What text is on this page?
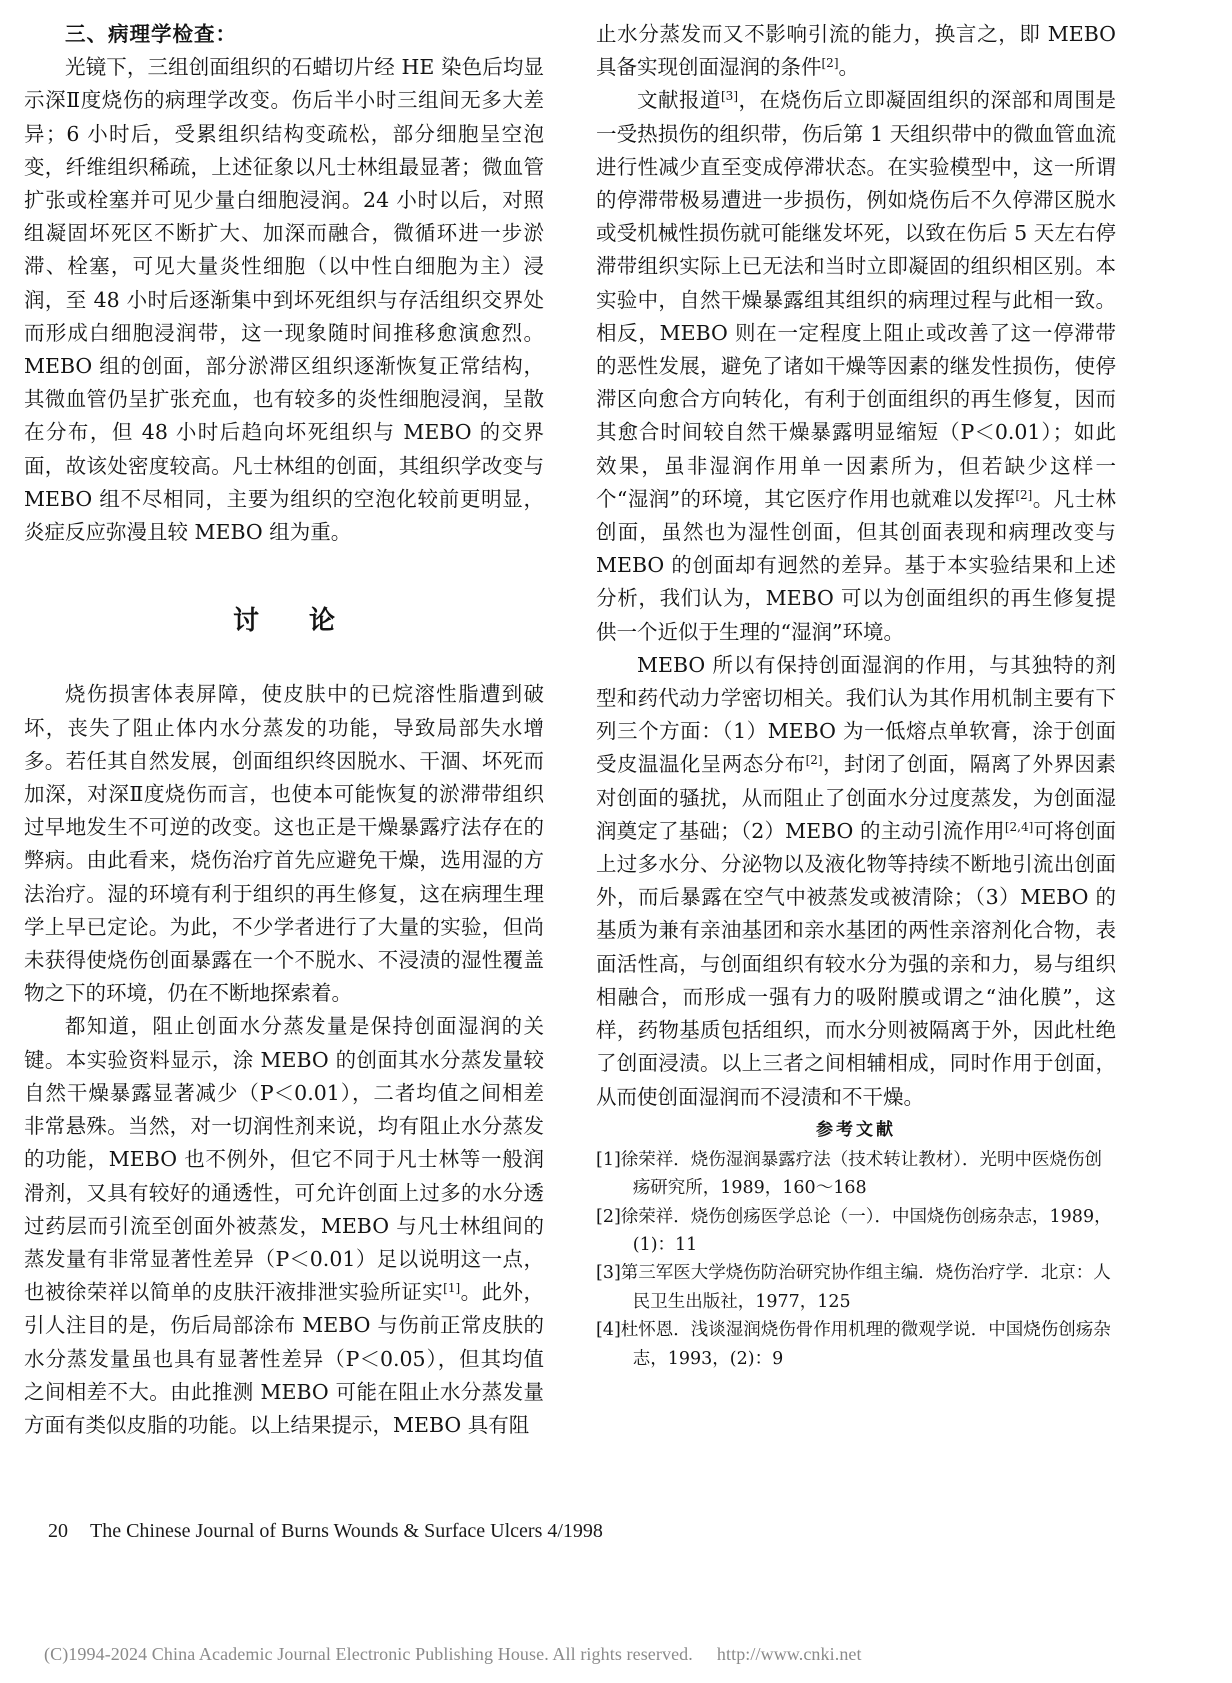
三、病理学检查：

光镜下，三组创面组织的石蜡切片经 HE 染色后均显示深Ⅱ度烧伤的病理学改变。伤后半小时三组间无多大差异；6 小时后，受累组织结构变疏松，部分细胞呈空泡变，纤维组织稀疏，上述征象以凡士林组最显著；微血管扩张或栓塞并可见少量白细胞浸润。24 小时以后，对照组凝固坏死区不断扩大、加深而融合，微循环进一步淤滞、栓塞，可见大量炎性细胞（以中性白细胞为主）浸润，至 48 小时后逐渐集中到坏死组织与存活组织交界处而形成白细胞浸润带，这一现象随时间推移愈演愈烈。MEBO 组的创面，部分淤滞区组织逐渐恢复正常结构，其微血管仍呈扩张充血，也有较多的炎性细胞浸润，呈散在分布，但 48 小时后趋向坏死组织与 MEBO 的交界面，故该处密度较高。凡士林组的创面，其组织学改变与 MEBO 组不尽相同，主要为组织的空泡化较前更明显，炎症反应弥漫且较 MEBO 组为重。

讨论

烧伤损害体表屏障，使皮肤中的已烷溶性脂遭到破坏，丧失了阻止体内水分蒸发的功能，导致局部失水增多。若任其自然发展，创面组织终因脱水、干涸、坏死而加深，对深Ⅱ度烧伤而言，也使本可能恢复的淤滞带组织过早地发生不可逆的改变。这也正是干燥暴露疗法存在的弊病。由此看来，烧伤治疗首先应避免干燥，选用湿的方法治疗。湿的环境有利于组织的再生修复，这在病理生理学上早已定论。为此，不少学者进行了大量的实验，但尚未获得使烧伤创面暴露在一个不脱水、不浸渍的湿性覆盖物之下的环境，仍在不断地探索着。

都知道，阻止创面水分蒸发量是保持创面湿润的关键。本实验资料显示，涂 MEBO 的创面其水分蒸发量较自然干燥暴露显著减少（P＜0.01），二者均值之间相差非常悬殊。当然，对一切润性剂来说，均有阻止水分蒸发的功能，MEBO 也不例外，但它不同于凡士林等一般润滑剂，又具有较好的通透性，可允许创面上过多的水分透过药层而引流至创面外被蒸发，MEBO 与凡士林组间的蒸发量有非常显著性差异（P＜0.01）足以说明这一点，也被徐荣祥以简单的皮肤汗液排泄实验所证实[1]。此外，引人注目的是，伤后局部涂布 MEBO 与伤前正常皮肤的水分蒸发量虽也具有显著性差异（P＜0.05），但其均值之间相差不大。由此推测 MEBO 可能在阻止水分蒸发量方面有类似皮脂的功能。以上结果提示，MEBO 具有阻

止水分蒸发而又不影响引流的能力，换言之，即 MEBO 具备实现创面湿润的条件[2]。

文献报道[3]，在烧伤后立即凝固组织的深部和周围是一受热损伤的组织带，伤后第 1 天组织带中的微血管血流进行性减少直至变成停滞状态。在实验模型中，这一所谓的停滞带极易遭进一步损伤，例如烧伤后不久停滞区脱水或受机械性损伤就可能继发坏死，以致在伤后 5 天左右停滞带组织实际上已无法和当时立即凝固的组织相区别。本实验中，自然干燥暴露组其组织的病理过程与此相一致。相反，MEBO 则在一定程度上阻止或改善了这一停滞带的恶性发展，避免了诸如干燥等因素的继发性损伤，使停滞区向愈合方向转化，有利于创面组织的再生修复，因而其愈合时间较自然干燥暴露明显缩短（P＜0.01）；如此效果，虽非湿润作用单一因素所为，但若缺少这样一个“湿润”的环境，其它医疗作用也就难以发挥[2]。凡士林创面，虽然也为湿性创面，但其创面表现和病理改变与 MEBO 的创面却有迥然的差异。基于本实验结果和上述分析，我们认为，MEBO 可以为创面组织的再生修复提供一个近似于生理的“湿润”环境。

MEBO 所以有保持创面湿润的作用，与其独特的剂型和药代动力学密切相关。我们认为其作用机制主要有下列三个方面：（1）MEBO 为一低熔点单软膏，涂于创面受皮温温化呈两态分布[2]，封闭了创面，隔离了外界因素对创面的骚扰，从而阻止了创面水分过度蒸发，为创面湿润奠定了基础；（2）MEBO 的主动引流作用[2,4]可将创面上过多水分、分泌物以及液化物等持续不断地引流出创面外，而后暴露在空气中被蒸发或被清除；（3）MEBO 的基质为兼有亲油基团和亲水基团的两性亲溶剂化合物，表面活性高，与创面组织有较水分为强的亲和力，易与组织相融合，而形成一强有力的吸附膜或谓之“油化膜”，这样，药物基质包括组织，而水分则被隔离于外，因此杜绝了创面浸渍。以上三者之间相辅相成，同时作用于创面，从而使创面湿润而不浸渍和不干燥。

参考文献
[1]徐荣祥．烧伤湿润暴露疗法（技术转让教材）．光明中医烧伤创疡研究所，1989，160～168
[2]徐荣祥．烧伤创疡医学总论（一）．中国烧伤创疡杂志，1989，(1)：11
[3]第三军医大学烧伤防治研究协作组主编．烧伤治疗学．北京：人民卫生出版社，1977，125
[4]杜怀恩．浅谈湿润烧伤骨作用机理的微观学说．中国烧伤创疡杂志，1993，(2)：9
20 The Chinese Journal of Burns Wounds & Surface Ulcers 4/1998
(C)1994-2024 China Academic Journal Electronic Publishing House. All rights reserved. http://www.cnki.net
